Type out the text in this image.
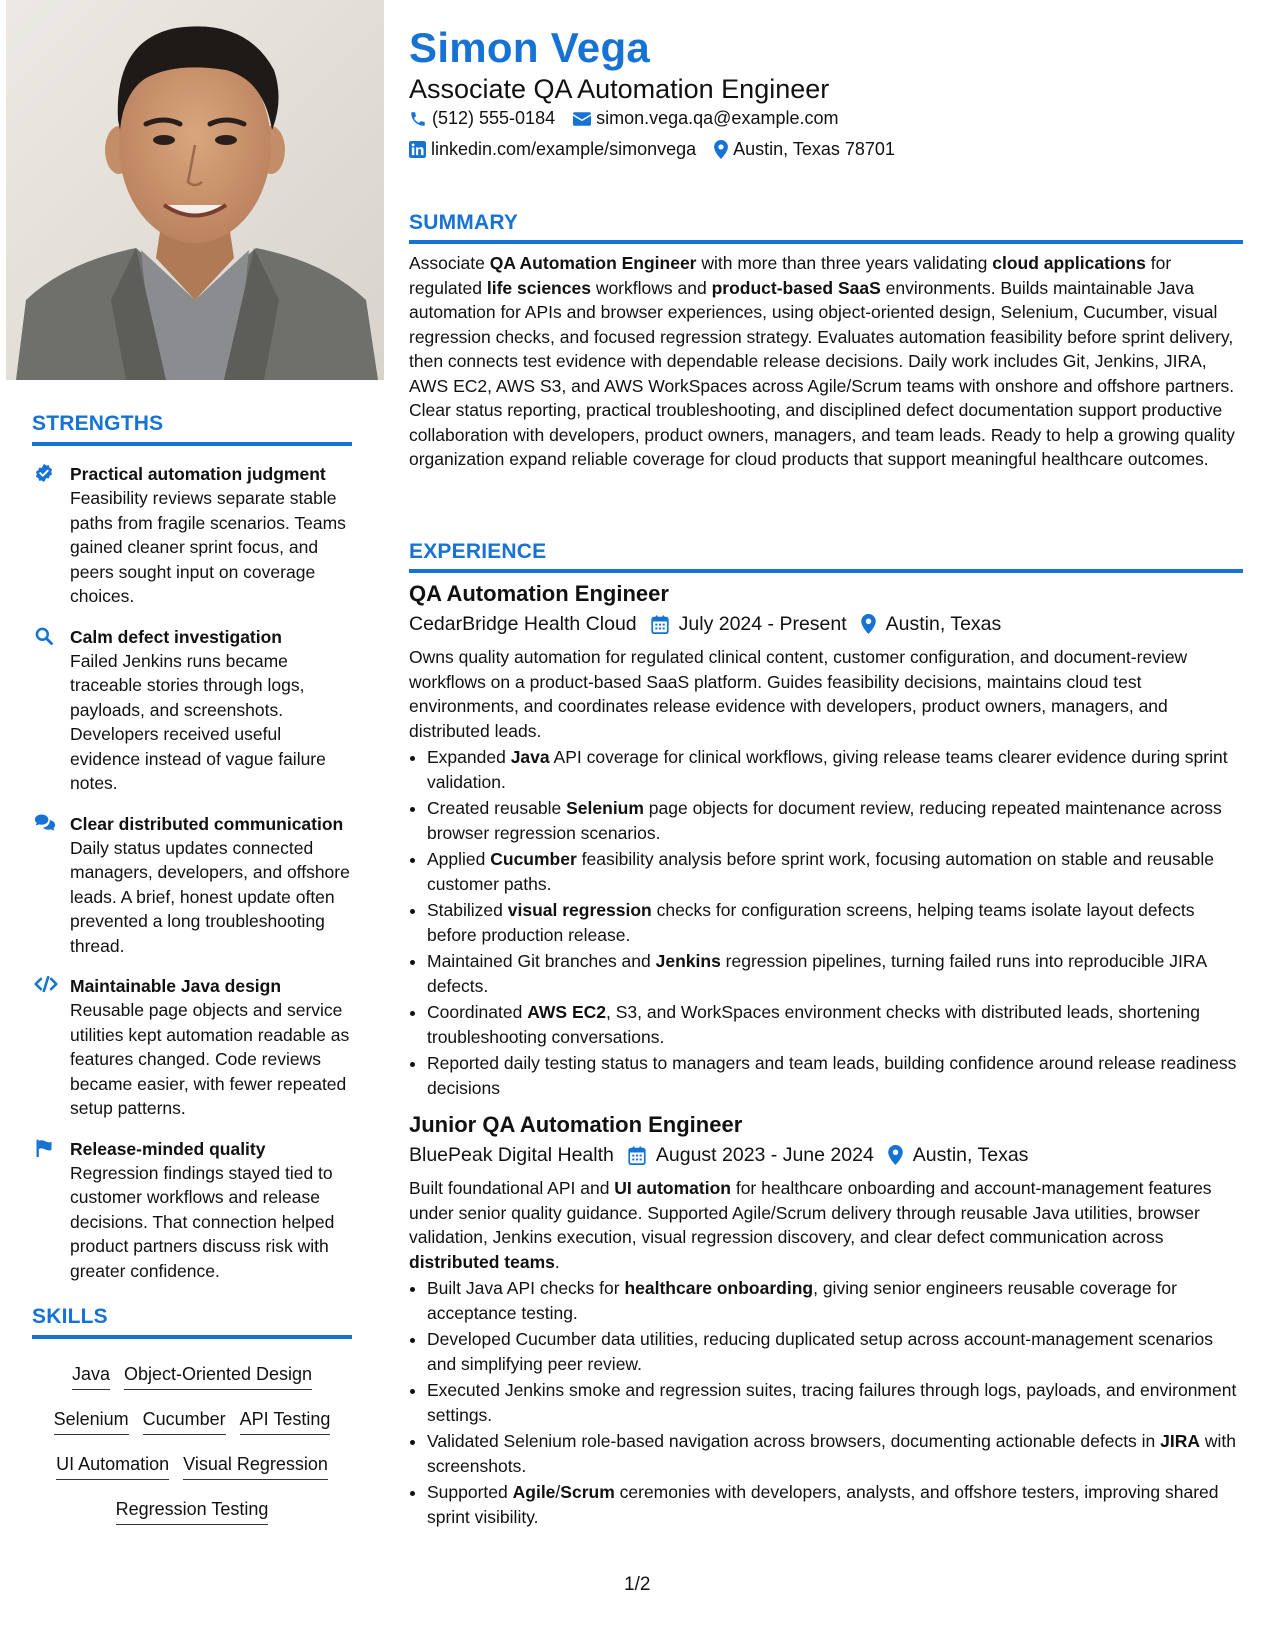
STRENGTHS
Practical automation judgment
Feasibility reviews separate stable paths from fragile scenarios. Teams gained cleaner sprint focus, and peers sought input on coverage choices.
Calm defect investigation
Failed Jenkins runs became traceable stories through logs, payloads, and screenshots. Developers received useful evidence instead of vague failure notes.
Clear distributed communication
Daily status updates connected managers, developers, and offshore leads. A brief, honest update often prevented a long troubleshooting thread.
Maintainable Java design
Reusable page objects and service utilities kept automation readable as features changed. Code reviews became easier, with fewer repeated setup patterns.
Release-minded quality
Regression findings stayed tied to customer workflows and release decisions. That connection helped product partners discuss risk with greater confidence.
SKILLS
Java Object-Oriented Design
Selenium Cucumber API Testing
UI Automation Visual Regression
Regression Testing
Simon Vega
Associate QA Automation Engineer
(512) 555-0184 simon.vega.qa@example.com
linkedin.com/example/simonvega Austin, Texas 78701
SUMMARY
Associate QA Automation Engineer with more than three years validating cloud applications for regulated life sciences workflows and product-based SaaS environments. Builds maintainable Java automation for APIs and browser experiences, using object-oriented design, Selenium, Cucumber, visual regression checks, and focused regression strategy. Evaluates automation feasibility before sprint delivery, then connects test evidence with dependable release decisions. Daily work includes Git, Jenkins, JIRA, AWS EC2, AWS S3, and AWS WorkSpaces across Agile/Scrum teams with onshore and offshore partners. Clear status reporting, practical troubleshooting, and disciplined defect documentation support productive collaboration with developers, product owners, managers, and team leads. Ready to help a growing quality organization expand reliable coverage for cloud products that support meaningful healthcare outcomes.
EXPERIENCE
QA Automation Engineer
CedarBridge Health Cloud July 2024 - Present Austin, Texas
Owns quality automation for regulated clinical content, customer configuration, and document-review workflows on a product-based SaaS platform. Guides feasibility decisions, maintains cloud test environments, and coordinates release evidence with developers, product owners, managers, and distributed leads.
• Expanded Java API coverage for clinical workflows, giving release teams clearer evidence during sprint validation.
• Created reusable Selenium page objects for document review, reducing repeated maintenance across browser regression scenarios.
• Applied Cucumber feasibility analysis before sprint work, focusing automation on stable and reusable customer paths.
• Stabilized visual regression checks for configuration screens, helping teams isolate layout defects before production release.
• Maintained Git branches and Jenkins regression pipelines, turning failed runs into reproducible JIRA defects.
• Coordinated AWS EC2, S3, and WorkSpaces environment checks with distributed leads, shortening troubleshooting conversations.
• Reported daily testing status to managers and team leads, building confidence around release readiness decisions
Junior QA Automation Engineer
BluePeak Digital Health August 2023 - June 2024 Austin, Texas
Built foundational API and UI automation for healthcare onboarding and account-management features under senior quality guidance. Supported Agile/Scrum delivery through reusable Java utilities, browser validation, Jenkins execution, visual regression discovery, and clear defect communication across distributed teams.
• Built Java API checks for healthcare onboarding, giving senior engineers reusable coverage for acceptance testing.
• Developed Cucumber data utilities, reducing duplicated setup across account-management scenarios and simplifying peer review.
• Executed Jenkins smoke and regression suites, tracing failures through logs, payloads, and environment settings.
• Validated Selenium role-based navigation across browsers, documenting actionable defects in JIRA with screenshots.
• Supported Agile/Scrum ceremonies with developers, analysts, and offshore testers, improving shared sprint visibility.
1/2
